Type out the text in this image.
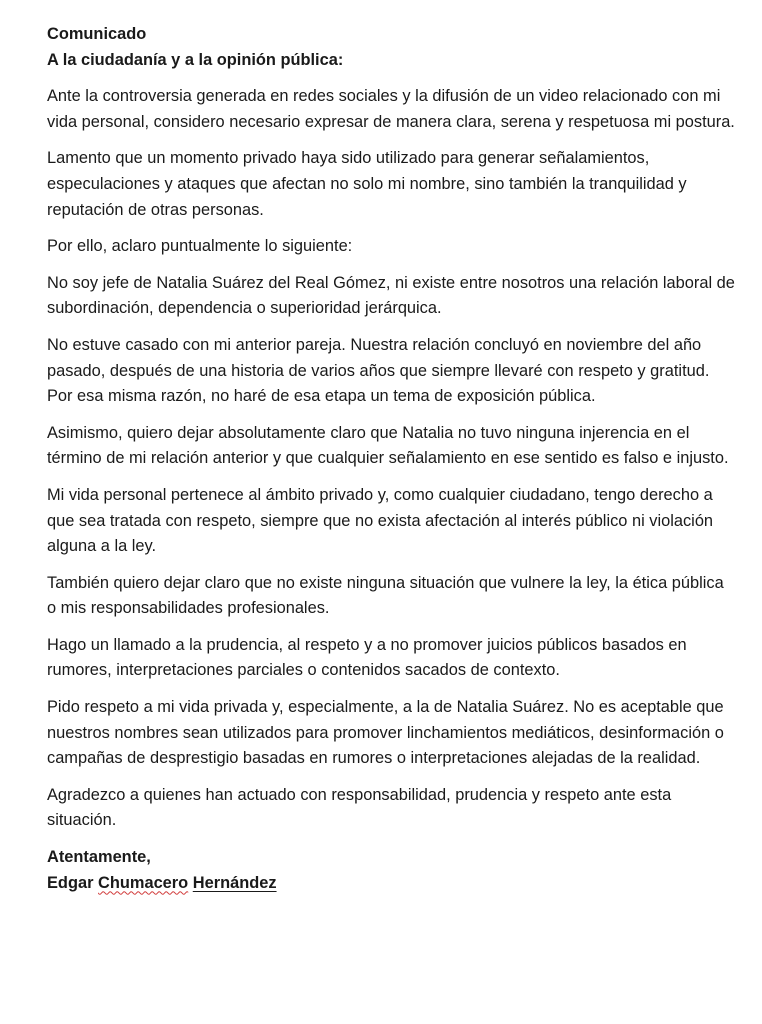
Comunicado

A la ciudadanía y a la opinión pública:

Ante la controversia generada en redes sociales y la difusión de un video relacionado con mi vida personal, considero necesario expresar de manera clara, serena y respetuosa mi postura.

Lamento que un momento privado haya sido utilizado para generar señalamientos, especulaciones y ataques que afectan no solo mi nombre, sino también la tranquilidad y reputación de otras personas.

Por ello, aclaro puntualmente lo siguiente:

No soy jefe de Natalia Suárez del Real Gómez, ni existe entre nosotros una relación laboral de subordinación, dependencia o superioridad jerárquica.

No estuve casado con mi anterior pareja. Nuestra relación concluyó en noviembre del año pasado, después de una historia de varios años que siempre llevaré con respeto y gratitud. Por esa misma razón, no haré de esa etapa un tema de exposición pública.

Asimismo, quiero dejar absolutamente claro que Natalia no tuvo ninguna injerencia en el término de mi relación anterior y que cualquier señalamiento en ese sentido es falso e injusto.

Mi vida personal pertenece al ámbito privado y, como cualquier ciudadano, tengo derecho a que sea tratada con respeto, siempre que no exista afectación al interés público ni violación alguna a la ley.

También quiero dejar claro que no existe ninguna situación que vulnere la ley, la ética pública o mis responsabilidades profesionales.

Hago un llamado a la prudencia, al respeto y a no promover juicios públicos basados en rumores, interpretaciones parciales o contenidos sacados de contexto.

Pido respeto a mi vida privada y, especialmente, a la de Natalia Suárez. No es aceptable que nuestros nombres sean utilizados para promover linchamientos mediáticos, desinformación o campañas de desprestigio basadas en rumores o interpretaciones alejadas de la realidad.

Agradezco a quienes han actuado con responsabilidad, prudencia y respeto ante esta situación.

Atentamente,

Edgar Chumacero Hernández
